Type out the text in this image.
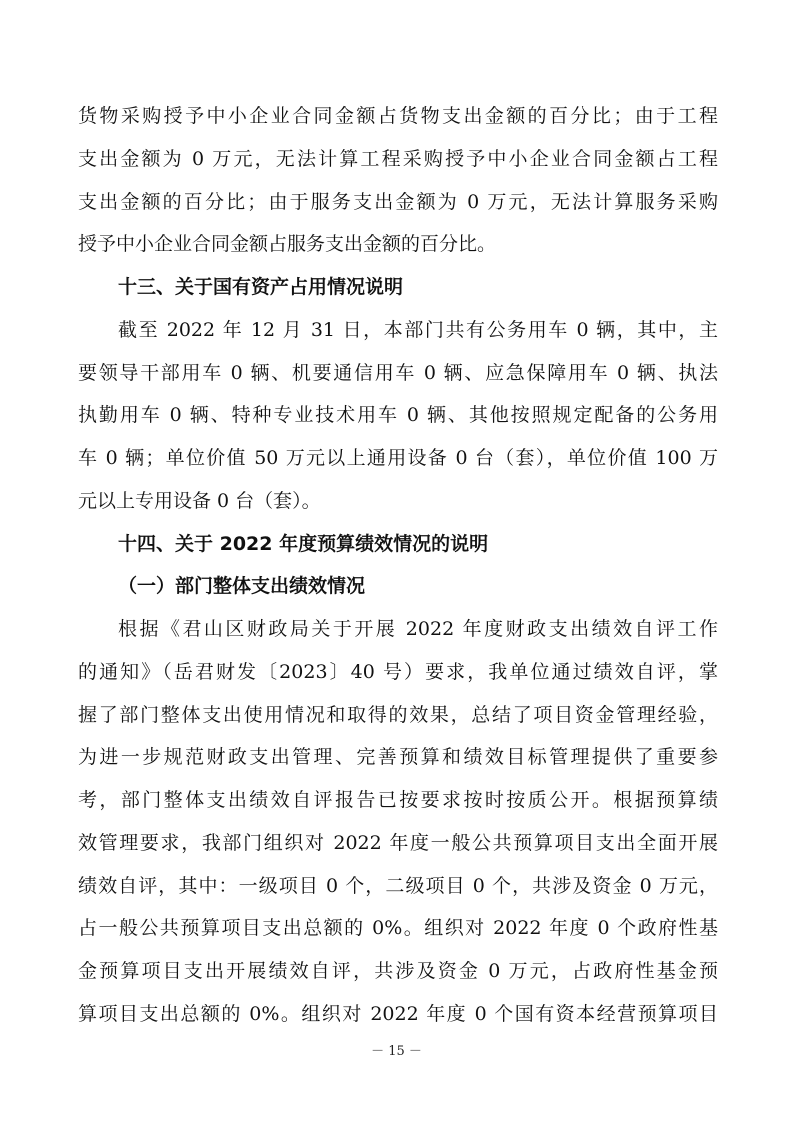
货物采购授予中小企业合同金额占货物支出金额的百分比；由于工程
支出金额为 0 万元，无法计算工程采购授予中小企业合同金额占工程
支出金额的百分比；由于服务支出金额为 0 万元，无法计算服务采购
授予中小企业合同金额占服务支出金额的百分比。
十三、关于国有资产占用情况说明
截至 2022 年 12 月 31 日，本部门共有公务用车 0 辆，其中，主
要领导干部用车 0 辆、机要通信用车 0 辆、应急保障用车 0 辆、执法
执勤用车 0 辆、特种专业技术用车 0 辆、其他按照规定配备的公务用
车 0 辆；单位价值 50 万元以上通用设备 0 台（套），单位价值 100 万
元以上专用设备 0 台（套）。
十四、关于 2022 年度预算绩效情况的说明
（一）部门整体支出绩效情况
根据《君山区财政局关于开展 2022 年度财政支出绩效自评工作
的通知》（岳君财发〔2023〕40 号）要求，我单位通过绩效自评，掌
握了部门整体支出使用情况和取得的效果，总结了项目资金管理经验，
为进一步规范财政支出管理、完善预算和绩效目标管理提供了重要参
考，部门整体支出绩效自评报告已按要求按时按质公开。根据预算绩
效管理要求，我部门组织对 2022 年度一般公共预算项目支出全面开展
绩效自评，其中：一级项目 0 个，二级项目 0 个，共涉及资金 0 万元，
占一般公共预算项目支出总额的 0%。组织对 2022 年度 0 个政府性基
金预算项目支出开展绩效自评，共涉及资金 0 万元，占政府性基金预
算项目支出总额的 0%。组织对 2022 年度 0 个国有资本经营预算项目
－ 15 －
